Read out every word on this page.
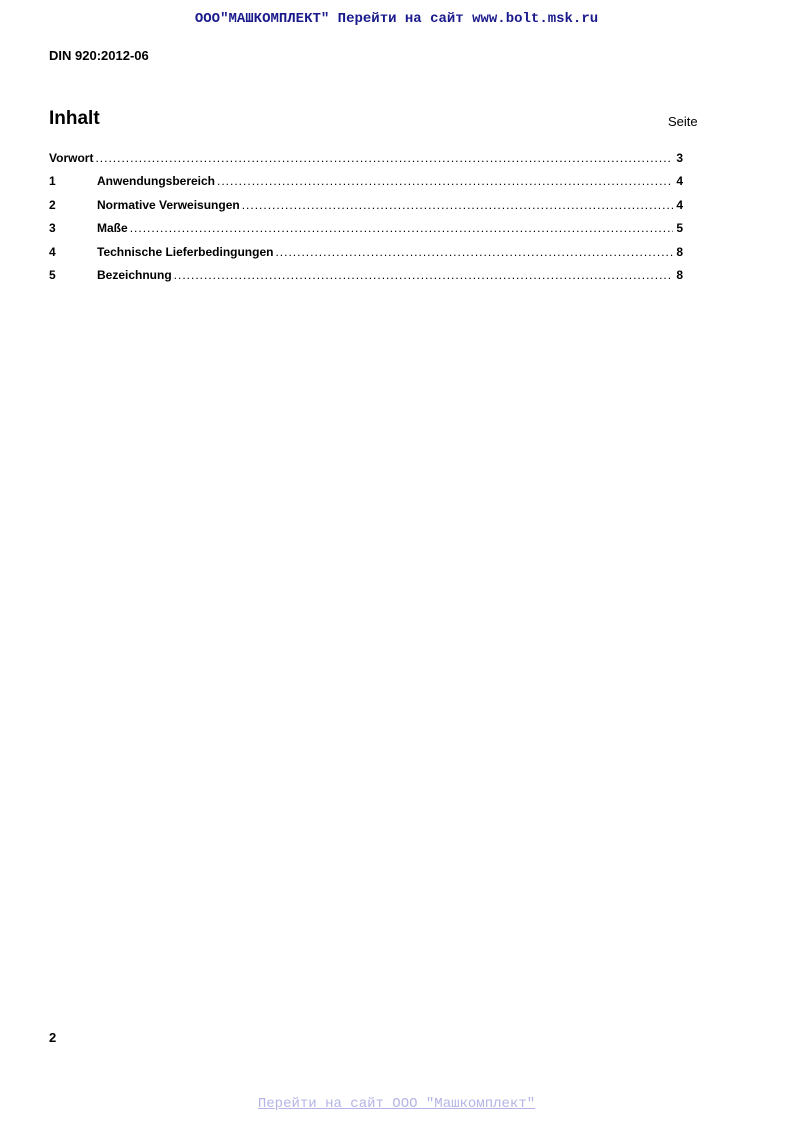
ООО"МАШКОМПЛЕКТ" Перейти на сайт www.bolt.msk.ru
DIN 920:2012-06
Inhalt	Seite
Vorwort .....	3
1	Anwendungsbereich .....	4
2	Normative Verweisungen .....	4
3	Maße .....	5
4	Technische Lieferbedingungen .....	8
5	Bezeichnung .....	8
2
Перейти на сайт ООО "Машкомплект"
